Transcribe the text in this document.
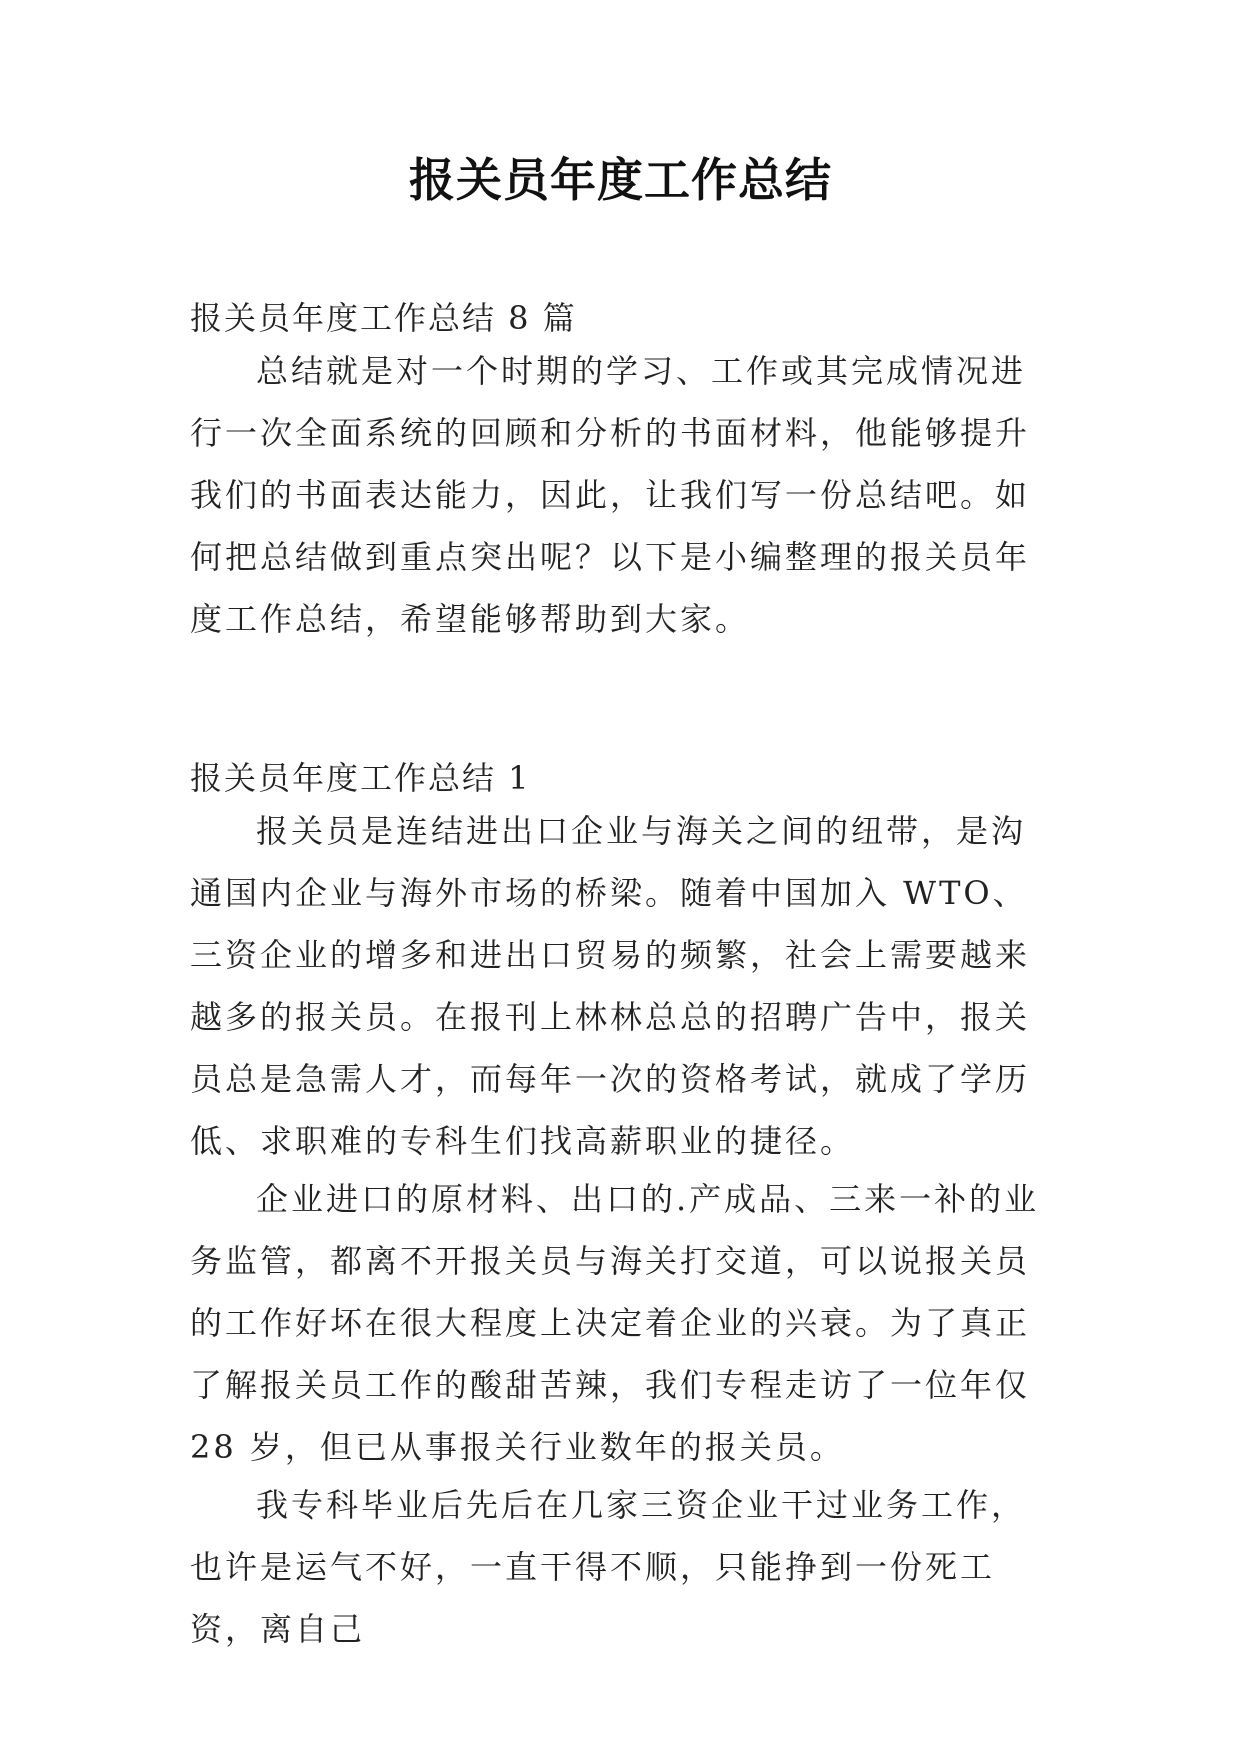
报关员年度工作总结
报关员年度工作总结 8 篇

总结就是对一个时期的学习、工作或其完成情况进行一次全面系统的回顾和分析的书面材料，他能够提升我们的书面表达能力，因此，让我们写一份总结吧。如何把总结做到重点突出呢？以下是小编整理的报关员年度工作总结，希望能够帮助到大家。

报关员年度工作总结 1

报关员是连结进出口企业与海关之间的纽带，是沟通国内企业与海外市场的桥梁。随着中国加入 WTO、三资企业的增多和进出口贸易的频繁，社会上需要越来越多的报关员。在报刊上林林总总的招聘广告中，报关员总是急需人才，而每年一次的资格考试，就成了学历低、求职难的专科生们找高薪职业的捷径。

企业进口的原材料、出口的.产成品、三来一补的业务监管，都离不开报关员与海关打交道，可以说报关员的工作好坏在很大程度上决定着企业的兴衰。为了真正了解报关员工作的酸甜苦辣，我们专程走访了一位年仅 28 岁，但已从事报关行业数年的报关员。

我专科毕业后先后在几家三资企业干过业务工作，也许是运气不好，一直干得不顺，只能挣到一份死工资，离自己
